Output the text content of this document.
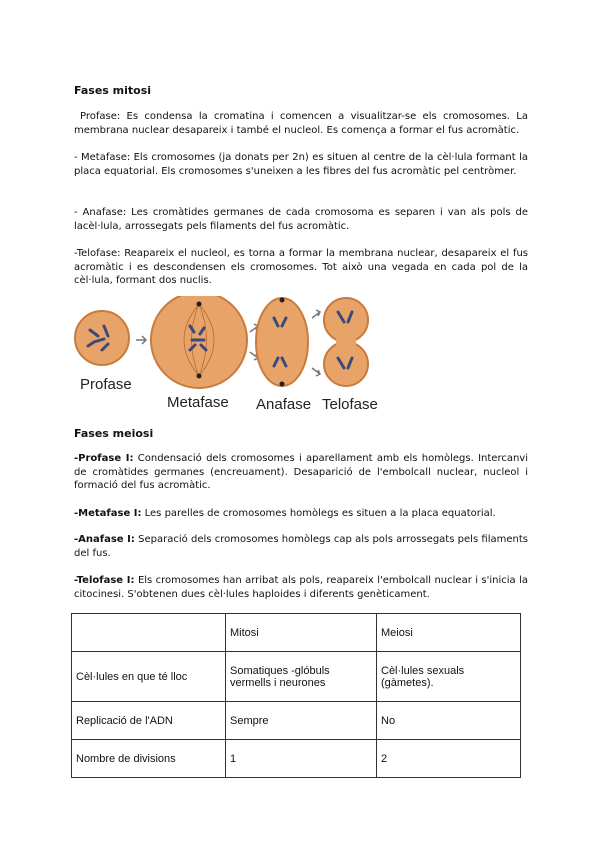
Fases mitosi
Profase: Es condensa la cromatina i comencen a visualitzar-se els cromosomes. La membrana nuclear desapareix i també el nucleol. Es comença a formar el fus acromàtic.
- Metafase: Els cromosomes (ja donats per 2n) es situen al centre de la cèl·lula formant la placa equatorial. Els cromosomes s'uneixen a les fibres del fus acromàtic pel centròmer.
- Anafase: Les cromàtides germanes de cada cromosoma es separen i van als pols de lacèl·lula, arrossegats pels filaments del fus acromàtic.
-Telofase: Reapareix el nucleol, es torna a formar la membrana nuclear, desapareix el fus acromàtic i es descondensen els cromosomes. Tot això una vegada en cada pol de la cèl·lula, formant dos nuclis.
Profase
Metafase Anafase Telofase
Fases meiosi
-Profase I: Condensació dels cromosomes i aparellament amb els homòlegs. Intercanvi de cromàtides germanes (encreuament). Desaparició de l'embolcall nuclear, nucleol i formació del fus acromàtic.
-Metafase I: Les parelles de cromosomes homòlegs es situen a la placa equatorial.
-Anafase I: Separació dels cromosomes homòlegs cap als pols arrossegats pels filaments del fus.
-Telofase I: Els cromosomes han arribat als pols, reapareix l'embolcall nuclear i s'inicia la citocinesi. S'obtenen dues cèl·lules haploides i diferents genèticament.
	Mitosi	Meiosi
Cèl·lules en que té lloc	Somatiques -glóbuls vermells i neurones	Cèl·lules sexuals (gàmetes).
Replicació de l'ADN	Sempre	No
Nombre de divisions	1	2
